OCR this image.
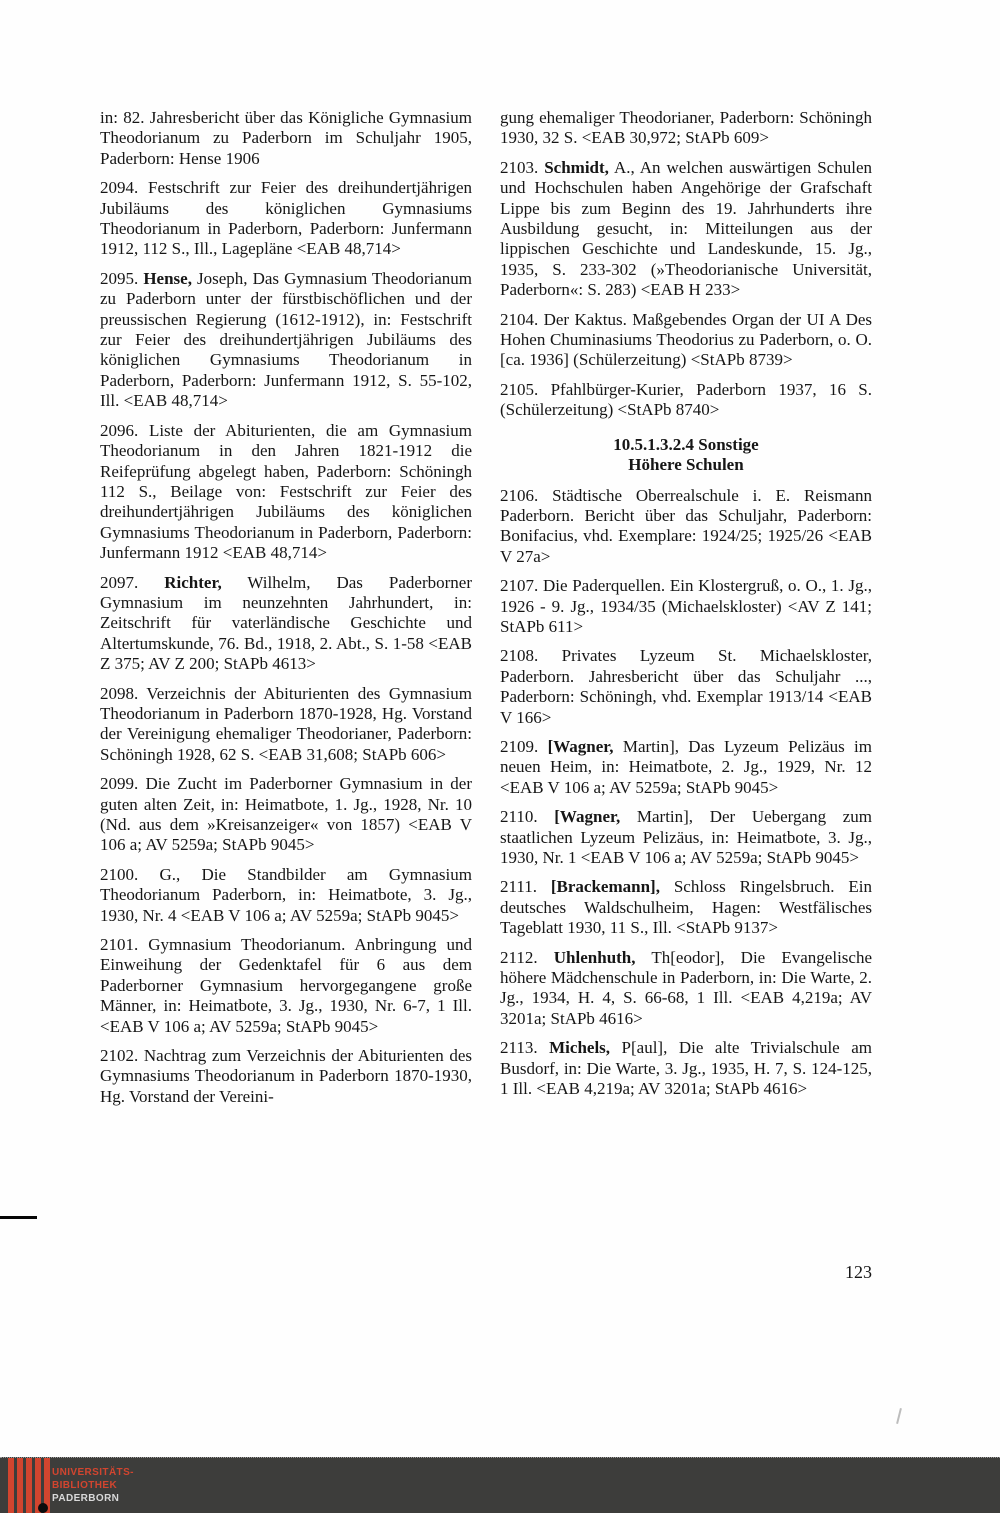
in: 82. Jahresbericht über das Königliche Gymnasium Theodorianum zu Paderborn im Schuljahr 1905, Paderborn: Hense 1906

2094. Festschrift zur Feier des dreihundertjährigen Jubiläums des königlichen Gymnasiums Theodorianum in Paderborn, Paderborn: Junfermann 1912, 112 S., Ill., Lagepläne <EAB 48,714>

2095. Hense, Joseph, Das Gymnasium Theodorianum zu Paderborn unter der fürstbischöflichen und der preussischen Regierung (1612-1912), in: Festschrift zur Feier des dreihundertjährigen Jubiläums des königlichen Gymnasiums Theodorianum in Paderborn, Paderborn: Junfermann 1912, S. 55-102, Ill. <EAB 48,714>

2096. Liste der Abiturienten, die am Gymnasium Theodorianum in den Jahren 1821-1912 die Reifeprüfung abgelegt haben, Paderborn: Schöningh 112 S., Beilage von: Festschrift zur Feier des dreihundertjährigen Jubiläums des königlichen Gymnasiums Theodorianum in Paderborn, Paderborn: Junfermann 1912 <EAB 48,714>

2097. Richter, Wilhelm, Das Paderborner Gymnasium im neunzehnten Jahrhundert, in: Zeitschrift für vaterländische Geschichte und Altertumskunde, 76. Bd., 1918, 2. Abt., S. 1-58 <EAB Z 375; AV Z 200; StAPb 4613>

2098. Verzeichnis der Abiturienten des Gymnasium Theodorianum in Paderborn 1870-1928, Hg. Vorstand der Vereinigung ehemaliger Theodorianer, Paderborn: Schöningh 1928, 62 S. <EAB 31,608; StAPb 606>

2099. Die Zucht im Paderborner Gymnasium in der guten alten Zeit, in: Heimatbote, 1. Jg., 1928, Nr. 10 (Nd. aus dem »Kreisanzeiger« von 1857) <EAB V 106 a; AV 5259a; StAPb 9045>

2100. G., Die Standbilder am Gymnasium Theodorianum Paderborn, in: Heimatbote, 3. Jg., 1930, Nr. 4 <EAB V 106 a; AV 5259a; StAPb 9045>

2101. Gymnasium Theodorianum. Anbringung und Einweihung der Gedenktafel für 6 aus dem Paderborner Gymnasium hervorgegangene große Männer, in: Heimatbote, 3. Jg., 1930, Nr. 6-7, 1 Ill. <EAB V 106 a; AV 5259a; StAPb 9045>

2102. Nachtrag zum Verzeichnis der Abiturienten des Gymnasiums Theodorianum in Paderborn 1870-1930, Hg. Vorstand der Vereini-

gung ehemaliger Theodorianer, Paderborn: Schöningh 1930, 32 S. <EAB 30,972; StAPb 609>

2103. Schmidt, A., An welchen auswärtigen Schulen und Hochschulen haben Angehörige der Grafschaft Lippe bis zum Beginn des 19. Jahrhunderts ihre Ausbildung gesucht, in: Mitteilungen aus der lippischen Geschichte und Landeskunde, 15. Jg., 1935, S. 233-302 (»Theodorianische Universität, Paderborn«: S. 283) <EAB H 233>

2104. Der Kaktus. Maßgebendes Organ der UI A Des Hohen Chuminasiums Theodorius zu Paderborn, o. O. [ca. 1936] (Schülerzeitung) <StAPb 8739>

2105. Pfahlbürger-Kurier, Paderborn 1937, 16 S. (Schülerzeitung) <StAPb 8740>

10.5.1.3.2.4 Sonstige
Höhere Schulen

2106. Städtische Oberrealschule i. E. Reismann Paderborn. Bericht über das Schuljahr, Paderborn: Bonifacius, vhd. Exemplare: 1924/25; 1925/26 <EAB V 27a>

2107. Die Paderquellen. Ein Klostergruß, o. O., 1. Jg., 1926 - 9. Jg., 1934/35 (Michaelskloster) <AV Z 141; StAPb 611>

2108. Privates Lyzeum St. Michaelskloster, Paderborn. Jahresbericht über das Schuljahr ..., Paderborn: Schöningh, vhd. Exemplar 1913/14 <EAB V 166>

2109. [Wagner, Martin], Das Lyzeum Pelizäus im neuen Heim, in: Heimatbote, 2. Jg., 1929, Nr. 12 <EAB V 106 a; AV 5259a; StAPb 9045>

2110. [Wagner, Martin], Der Uebergang zum staatlichen Lyzeum Pelizäus, in: Heimatbote, 3. Jg., 1930, Nr. 1 <EAB V 106 a; AV 5259a; StAPb 9045>

2111. [Brackemann], Schloss Ringelsbruch. Ein deutsches Waldschulheim, Hagen: Westfälisches Tageblatt 1930, 11 S., Ill. <StAPb 9137>

2112. Uhlenhuth, Th[eodor], Die Evangelische höhere Mädchenschule in Paderborn, in: Die Warte, 2. Jg., 1934, H. 4, S. 66-68, 1 Ill. <EAB 4,219a; AV 3201a; StAPb 4616>

2113. Michels, P[aul], Die alte Trivialschule am Busdorf, in: Die Warte, 3. Jg., 1935, H. 7, S. 124-125, 1 Ill. <EAB 4,219a; AV 3201a; StAPb 4616>

123
UNIVERSITÄTS-
BIBLIOTHEK
PADERBORN
